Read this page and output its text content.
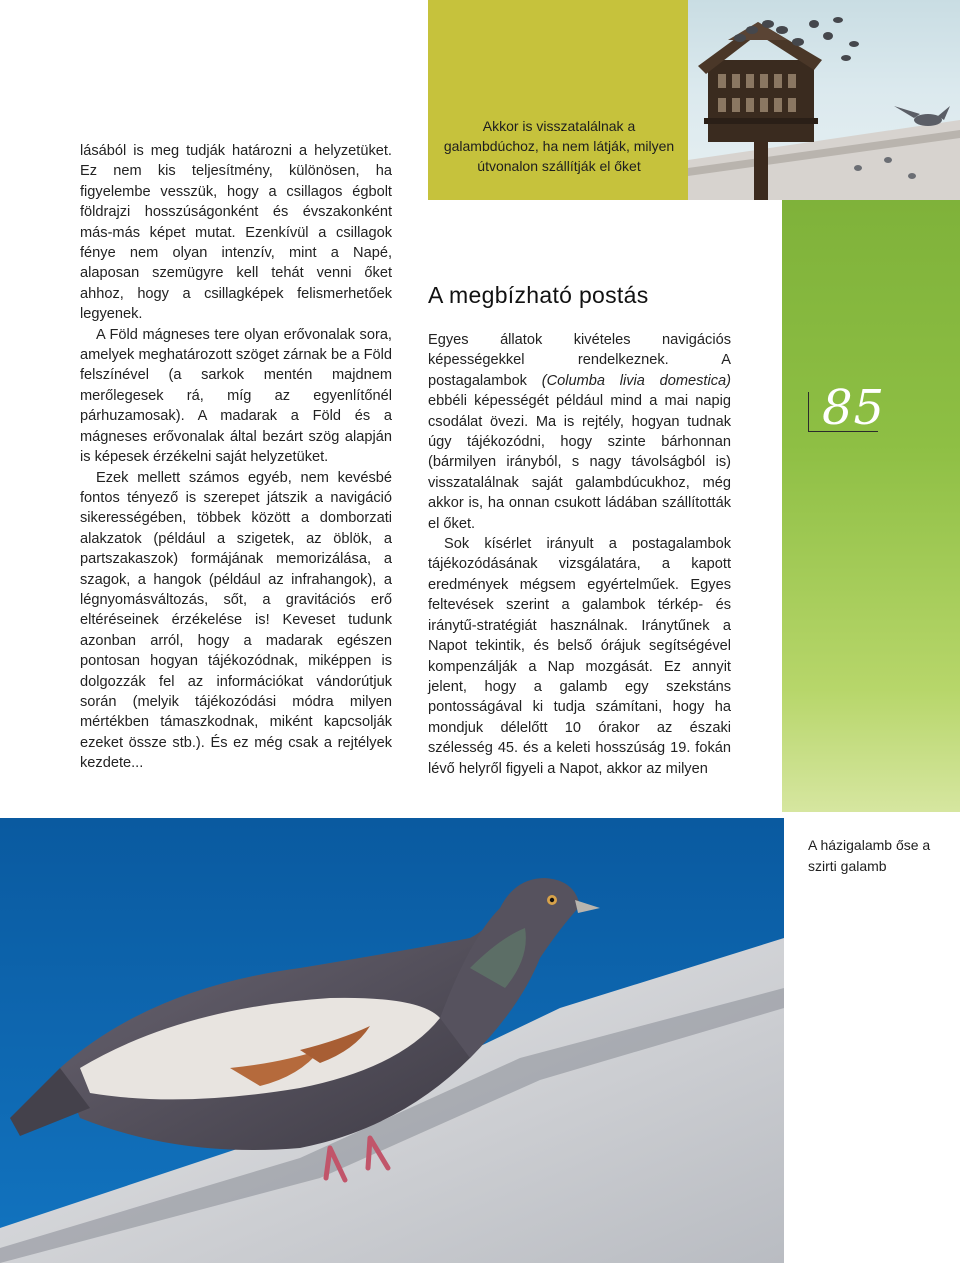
Akkor is visszatalálnak a galambdúchoz, ha nem látják, milyen útvonalon szállítják el őket
85

lásából is meg tudják határozni a helyzetüket. Ez nem kis teljesítmény, különösen, ha figyelembe vesszük, hogy a csillagos égbolt földrajzi hosszúságonként és évszakonként más-más képet mutat. Ezenkívül a csillagok fénye nem olyan intenzív, mint a Napé, alaposan szemügyre kell tehát venni őket ahhoz, hogy a csillagképek felismerhetőek legyenek.

A Föld mágneses tere olyan erővonalak sora, amelyek meghatározott szöget zárnak be a Föld felszínével (a sarkok mentén majdnem merőlegesek rá, míg az egyenlítőnél párhuzamosak). A madarak a Föld és a mágneses erővonalak által bezárt szög alapján is képesek érzékelni saját helyzetüket.

Ezek mellett számos egyéb, nem kevésbé fontos tényező is szerepet játszik a navigáció sikerességében, többek között a domborzati alakzatok (például a szigetek, az öblök, a partszakaszok) formájának memorizálása, a szagok, a hangok (például az infrahangok), a légnyomásváltozás, sőt, a gravitációs erő eltéréseinek érzékelése is! Keveset tudunk azonban arról, hogy a madarak egészen pontosan hogyan tájékozódnak, miképpen is dolgozzák fel az információkat vándorútjuk során (melyik tájékozódási módra milyen mértékben támaszkodnak, miként kapcsolják ezeket össze stb.). És ez még csak a rejtélyek kezdete...

A megbízható postás

Egyes állatok kivételes navigációs képességekkel rendelkeznek. A postagalambok (Columba livia domestica) ebbéli képességét például mind a mai napig csodálat övezi. Ma is rejtély, hogyan tudnak úgy tájékozódni, hogy szinte bárhonnan (bármilyen irányból, s nagy távolságból is) visszatalálnak saját galambdúcukhoz, még akkor is, ha onnan csukott ládában szállították el őket.

Sok kísérlet irányult a postagalambok tájékozódásának vizsgálatára, a kapott eredmények mégsem egyértelműek. Egyes feltevések szerint a galambok térkép- és iránytű-stratégiát használnak. Iránytűnek a Napot tekintik, és belső órájuk segítségével kompenzálják a Nap mozgását. Ez annyit jelent, hogy a galamb egy szekstáns pontosságával ki tudja számítani, hogy ha mondjuk délelőtt 10 órakor az északi szélesség 45. és a keleti hosszúság 19. fokán lévő helyről figyeli a Napot, akkor az milyen

A házigalamb őse a szirti galamb
